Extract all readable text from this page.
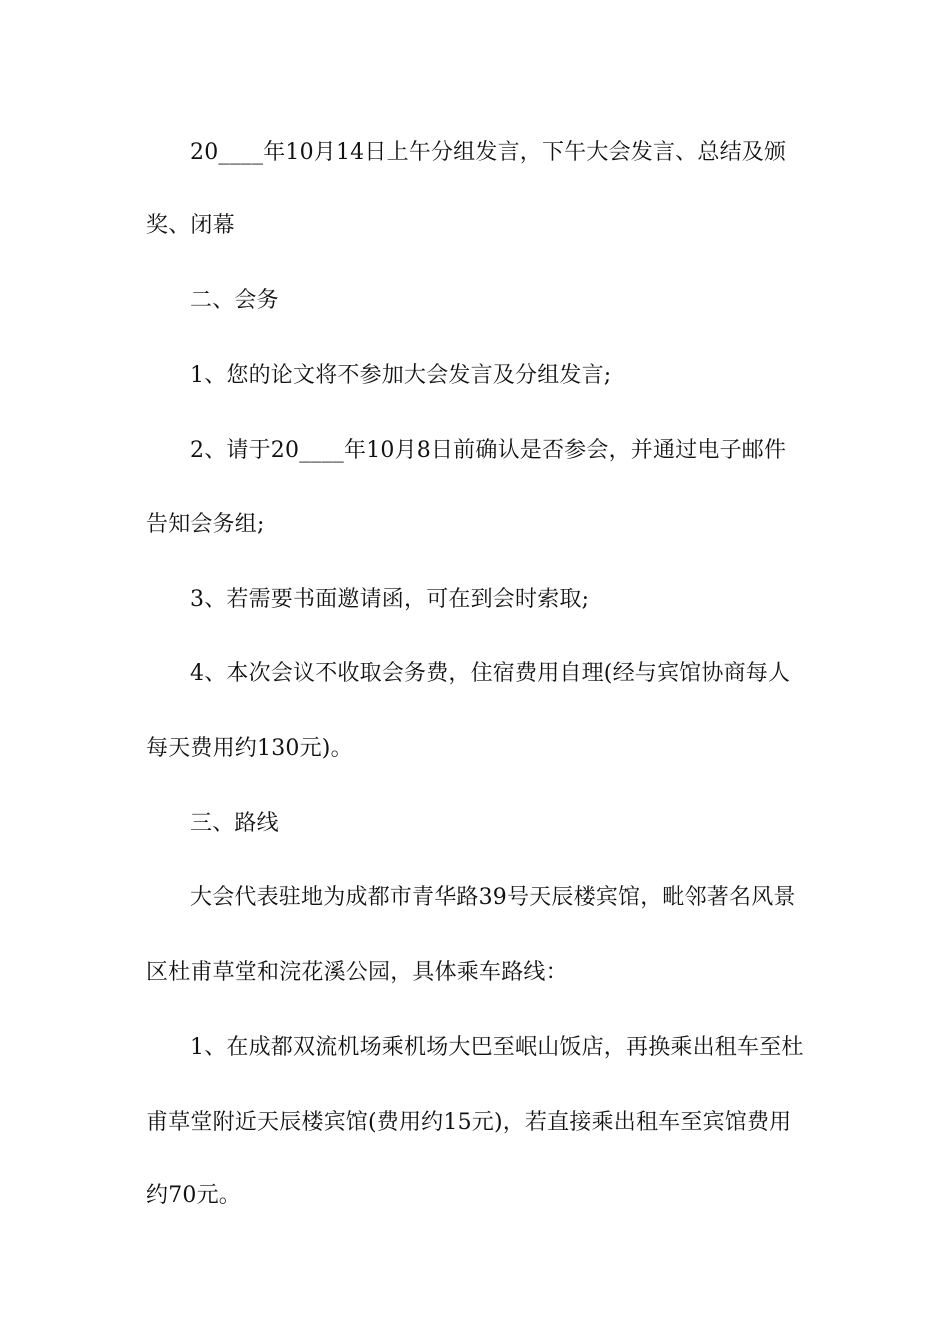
20____年10月14日上午分组发言，下午大会发言、总结及颁
奖、闭幕
二、会务
1、您的论文将不参加大会发言及分组发言;
2、请于20____年10月8日前确认是否参会，并通过电子邮件
告知会务组;
3、若需要书面邀请函，可在到会时索取;
4、本次会议不收取会务费，住宿费用自理(经与宾馆协商每人
每天费用约130元)。
三、路线
大会代表驻地为成都市青华路39号天辰楼宾馆，毗邻著名风景
区杜甫草堂和浣花溪公园，具体乘车路线：
1、在成都双流机场乘机场大巴至岷山饭店，再换乘出租车至杜
甫草堂附近天辰楼宾馆(费用约15元)，若直接乘出租车至宾馆费用
约70元。
